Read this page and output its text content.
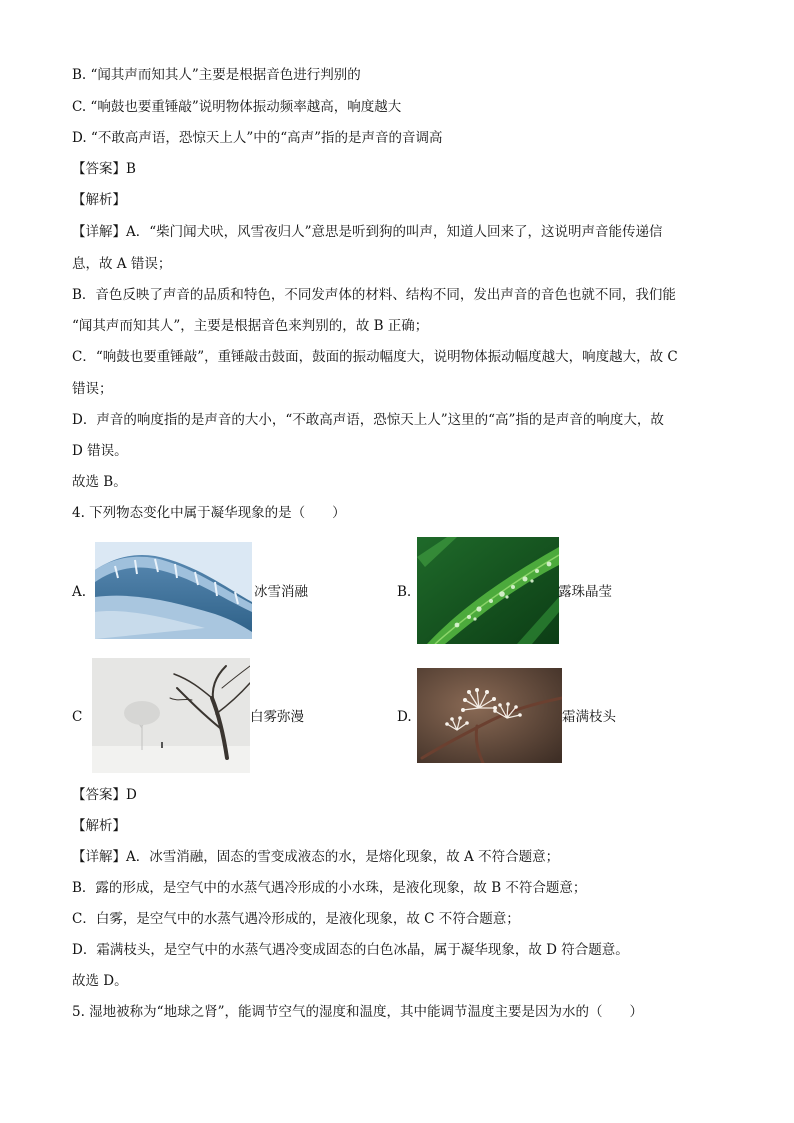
B. “闻其声而知其人”主要是根据音色进行判别的
C. “响鼓也要重锤敲”说明物体振动频率越高，响度越大
D. “不敢高声语，恐惊天上人”中的“高声”指的是声音的音调高
【答案】B
【解析】
【详解】A．“柴门闻犬吠，风雪夜归人”意思是听到狗的叫声，知道人回来了，这说明声音能传递信
息，故 A 错误；
B．音色反映了声音的品质和特色，不同发声体的材料、结构不同，发出声音的音色也就不同，我们能
“闻其声而知其人”，主要是根据音色来判别的，故 B 正确；
C．“响鼓也要重锤敲”，重锤敲击鼓面，鼓面的振动幅度大，说明物体振动幅度越大，响度越大，故 C
错误；
D．声音的响度指的是声音的大小，“不敢高声语，恐惊天上人”这里的“高”指的是声音的响度大，故
D 错误。
故选 B。
4. 下列物态变化中属于凝华现象的是（　　）
A.	冰雪消融	B.	露珠晶莹
C	白雾弥漫	D.	霜满枝头
【答案】D
【解析】
【详解】A．冰雪消融，固态的雪变成液态的水，是熔化现象，故 A 不符合题意；
B．露的形成，是空气中的水蒸气遇冷形成的小水珠，是液化现象，故 B 不符合题意；
C．白雾，是空气中的水蒸气遇冷形成的，是液化现象，故 C 不符合题意；
D．霜满枝头，是空气中的水蒸气遇冷变成固态的白色冰晶，属于凝华现象，故 D 符合题意。
故选 D。
5. 湿地被称为“地球之肾”，能调节空气的湿度和温度，其中能调节温度主要是因为水的（　　）
